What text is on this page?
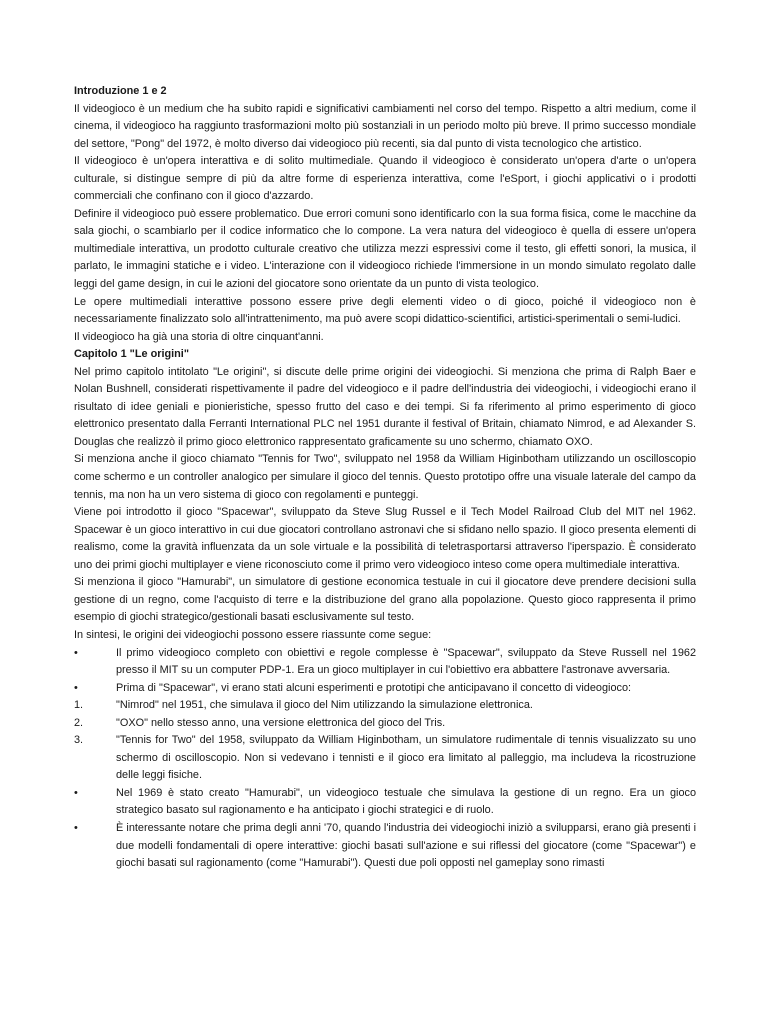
Introduzione 1 e 2

Il videogioco è un medium che ha subito rapidi e significativi cambiamenti nel corso del tempo. Rispetto a altri medium, come il cinema, il videogioco ha raggiunto trasformazioni molto più sostanziali in un periodo molto più breve. Il primo successo mondiale del settore, "Pong" del 1972, è molto diverso dai videogioco più recenti, sia dal punto di vista tecnologico che artistico.

Il videogioco è un'opera interattiva e di solito multimediale. Quando il videogioco è considerato un'opera d'arte o un'opera culturale, si distingue sempre di più da altre forme di esperienza interattiva, come l'eSport, i giochi applicativi o i prodotti commerciali che confinano con il gioco d'azzardo.

Definire il videogioco può essere problematico. Due errori comuni sono identificarlo con la sua forma fisica, come le macchine da sala giochi, o scambiarlo per il codice informatico che lo compone. La vera natura del videogioco è quella di essere un'opera multimediale interattiva, un prodotto culturale creativo che utilizza mezzi espressivi come il testo, gli effetti sonori, la musica, il parlato, le immagini statiche e i video. L'interazione con il videogioco richiede l'immersione in un mondo simulato regolato dalle leggi del game design, in cui le azioni del giocatore sono orientate da un punto di vista teologico.

Le opere multimediali interattive possono essere prive degli elementi video o di gioco, poiché il videogioco non è necessariamente finalizzato solo all'intrattenimento, ma può avere scopi didattico-scientifici, artistici-sperimentali o semi-ludici.

Il videogioco ha già una storia di oltre cinquant'anni.

Capitolo 1 "Le origini"

Nel primo capitolo intitolato "Le origini", si discute delle prime origini dei videogiochi. Si menziona che prima di Ralph Baer e Nolan Bushnell, considerati rispettivamente il padre del videogioco e il padre dell'industria dei videogiochi, i videogiochi erano il risultato di idee geniali e pionieristiche, spesso frutto del caso e dei tempi. Si fa riferimento al primo esperimento di gioco elettronico presentato dalla Ferranti International PLC nel 1951 durante il festival of Britain, chiamato Nimrod, e ad Alexander S. Douglas che realizzò il primo gioco elettronico rappresentato graficamente su uno schermo, chiamato OXO.

Si menziona anche il gioco chiamato "Tennis for Two", sviluppato nel 1958 da William Higinbotham utilizzando un oscilloscopio come schermo e un controller analogico per simulare il gioco del tennis. Questo prototipo offre una visuale laterale del campo da tennis, ma non ha un vero sistema di gioco con regolamenti e punteggi.

Viene poi introdotto il gioco "Spacewar", sviluppato da Steve Slug Russel e il Tech Model Railroad Club del MIT nel 1962. Spacewar è un gioco interattivo in cui due giocatori controllano astronavi che si sfidano nello spazio. Il gioco presenta elementi di realismo, come la gravità influenzata da un sole virtuale e la possibilità di teletrasportarsi attraverso l'iperspazio. È considerato uno dei primi giochi multiplayer e viene riconosciuto come il primo vero videogioco inteso come opera multimediale interattiva.

Si menziona il gioco "Hamurabi", un simulatore di gestione economica testuale in cui il giocatore deve prendere decisioni sulla gestione di un regno, come l'acquisto di terre e la distribuzione del grano alla popolazione. Questo gioco rappresenta il primo esempio di giochi strategico/gestionali basati esclusivamente sul testo.

In sintesi, le origini dei videogiochi possono essere riassunte come segue:

•	Il primo videogioco completo con obiettivi e regole complesse è "Spacewar", sviluppato da Steve Russell nel 1962 presso il MIT su un computer PDP-1. Era un gioco multiplayer in cui l'obiettivo era abbattere l'astronave avversaria.
•	Prima di "Spacewar", vi erano stati alcuni esperimenti e prototipi che anticipavano il concetto di videogioco:
1.	"Nimrod" nel 1951, che simulava il gioco del Nim utilizzando la simulazione elettronica.
2.	"OXO" nello stesso anno, una versione elettronica del gioco del Tris.
3.	"Tennis for Two" del 1958, sviluppato da William Higinbotham, un simulatore rudimentale di tennis visualizzato su uno schermo di oscilloscopio. Non si vedevano i tennisti e il gioco era limitato al palleggio, ma includeva la ricostruzione delle leggi fisiche.
•	Nel 1969 è stato creato "Hamurabi", un videogioco testuale che simulava la gestione di un regno. Era un gioco strategico basato sul ragionamento e ha anticipato i giochi strategici e di ruolo.
•	È interessante notare che prima degli anni '70, quando l'industria dei videogiochi iniziò a svilupparsi, erano già presenti i due modelli fondamentali di opere interattive: giochi basati sull'azione e sui riflessi del giocatore (come "Spacewar") e giochi basati sul ragionamento (come "Hamurabi"). Questi due poli opposti nel gameplay sono rimasti
